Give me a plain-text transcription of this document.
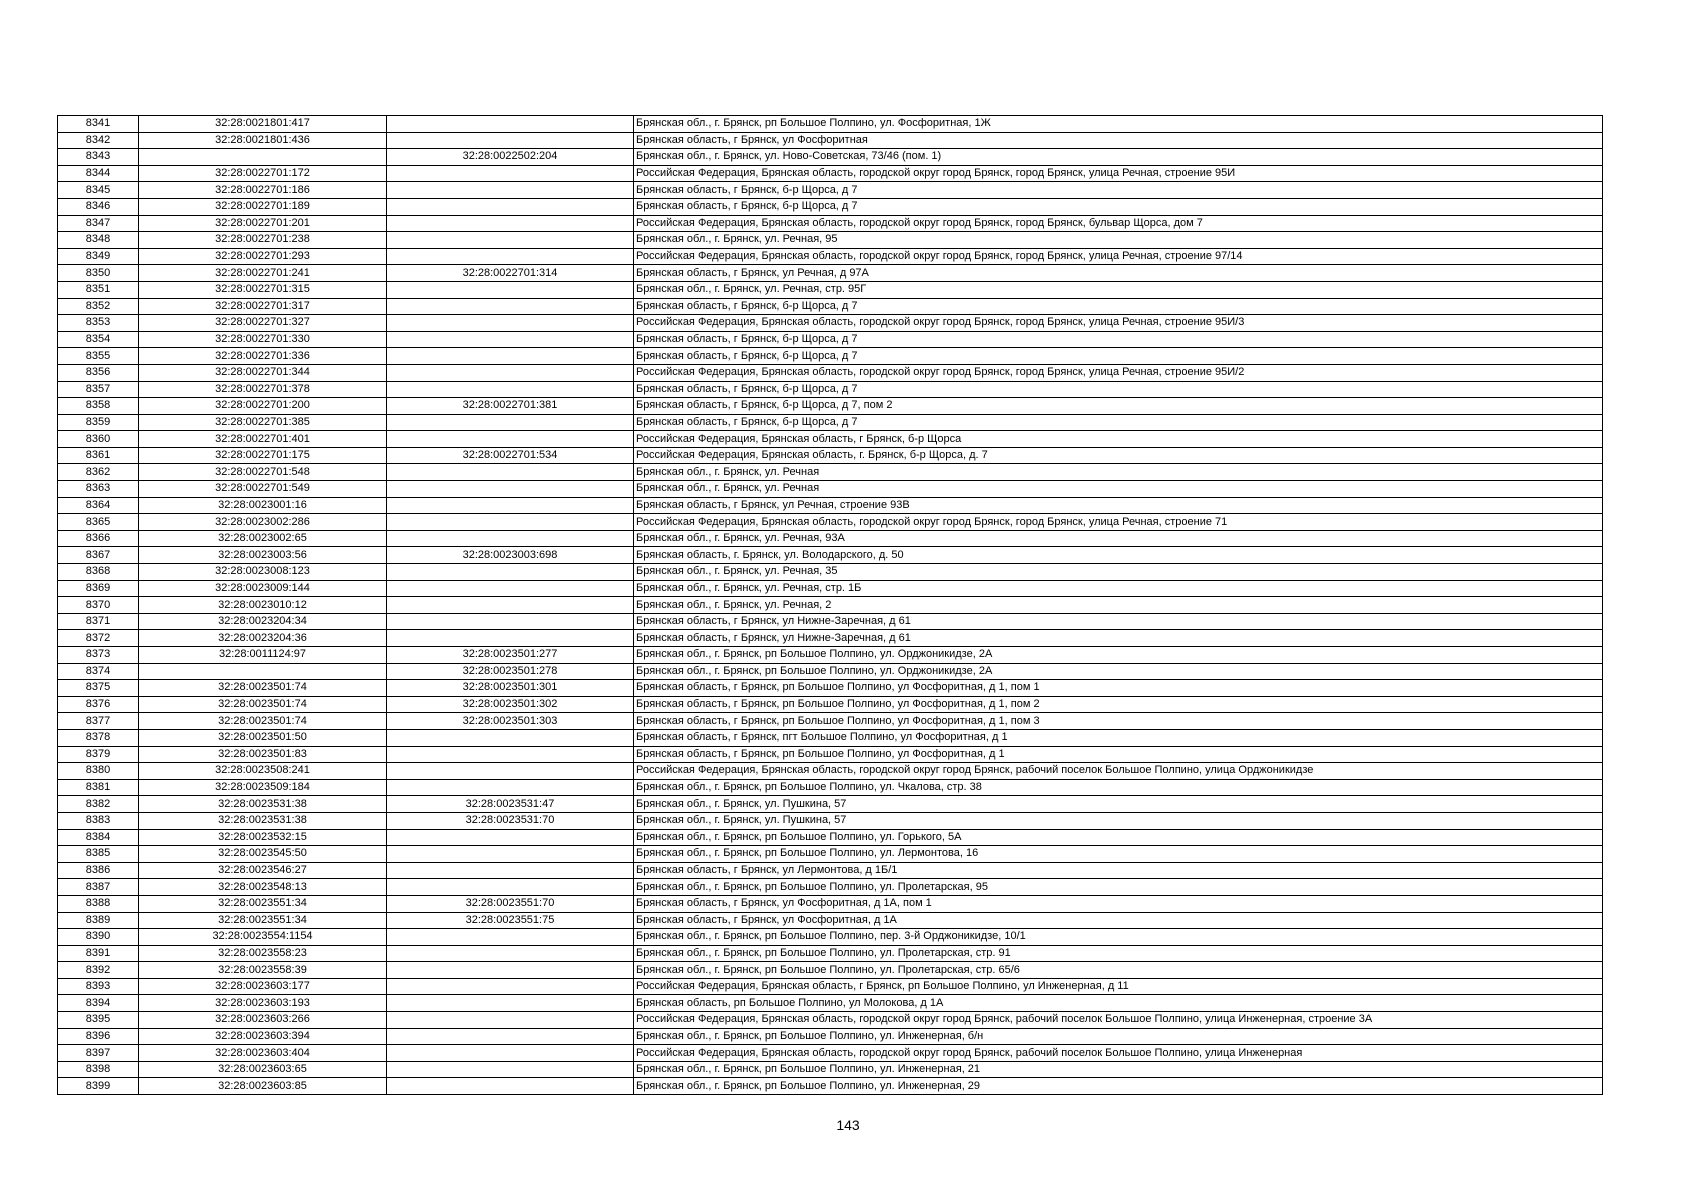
8341	32:28:0021801:417		Брянская обл., г. Брянск, рп Большое Полпино, ул. Фосфоритная, 1Ж
8342	32:28:0021801:436		Брянская область, г Брянск, ул Фосфоритная
8343		32:28:0022502:204	Брянская обл., г. Брянск, ул. Ново-Советская, 73/46 (пом. 1)
8344	32:28:0022701:172		Российская Федерация, Брянская область, городской округ город Брянск, город Брянск, улица Речная, строение 95И
8345	32:28:0022701:186		Брянская область, г Брянск, б-р Щорса, д 7
8346	32:28:0022701:189		Брянская область, г Брянск, б-р Щорса, д 7
8347	32:28:0022701:201		Российская Федерация, Брянская область, городской округ город Брянск, город Брянск, бульвар Щорса, дом 7
8348	32:28:0022701:238		Брянская обл., г. Брянск, ул. Речная, 95
8349	32:28:0022701:293		Российская Федерация, Брянская область, городской округ город Брянск, город Брянск, улица Речная, строение 97/14
8350	32:28:0022701:241	32:28:0022701:314	Брянская область, г Брянск, ул Речная, д 97А
8351	32:28:0022701:315		Брянская обл., г. Брянск, ул. Речная, стр. 95Г
8352	32:28:0022701:317		Брянская область, г Брянск, б-р Щорса, д 7
8353	32:28:0022701:327		Российская Федерация, Брянская область, городской округ город Брянск, город Брянск, улица Речная, строение 95И/3
8354	32:28:0022701:330		Брянская область, г Брянск, б-р Щорса, д 7
8355	32:28:0022701:336		Брянская область, г Брянск, б-р Щорса, д 7
8356	32:28:0022701:344		Российская Федерация, Брянская область, городской округ город Брянск, город Брянск, улица Речная, строение 95И/2
8357	32:28:0022701:378		Брянская область, г Брянск, б-р Щорса, д 7
8358	32:28:0022701:200	32:28:0022701:381	Брянская область, г Брянск, б-р Щорса, д 7, пом 2
8359	32:28:0022701:385		Брянская область, г Брянск, б-р Щорса, д 7
8360	32:28:0022701:401		Российская Федерация, Брянская область, г Брянск, б-р Щорса
8361	32:28:0022701:175	32:28:0022701:534	Российская Федерация, Брянская область, г. Брянск, б-р Щорса, д. 7
8362	32:28:0022701:548		Брянская обл., г. Брянск, ул. Речная
8363	32:28:0022701:549		Брянская обл., г. Брянск, ул. Речная
8364	32:28:0023001:16		Брянская область, г Брянск, ул Речная, строение 93В
8365	32:28:0023002:286		Российская Федерация, Брянская область, городской округ город Брянск, город Брянск, улица Речная, строение 71
8366	32:28:0023002:65		Брянская обл., г. Брянск, ул. Речная, 93А
8367	32:28:0023003:56	32:28:0023003:698	Брянская область, г. Брянск, ул. Володарского, д. 50
8368	32:28:0023008:123		Брянская обл., г. Брянск, ул. Речная, 35
8369	32:28:0023009:144		Брянская обл., г. Брянск, ул. Речная, стр. 1Б
8370	32:28:0023010:12		Брянская обл., г. Брянск, ул. Речная, 2
8371	32:28:0023204:34		Брянская область, г Брянск, ул Нижне-Заречная, д 61
8372	32:28:0023204:36		Брянская область, г Брянск, ул Нижне-Заречная, д 61
8373	32:28:0011124:97	32:28:0023501:277	Брянская обл., г. Брянск, рп Большое Полпино, ул. Орджоникидзе, 2А
8374		32:28:0023501:278	Брянская обл., г. Брянск, рп Большое Полпино, ул. Орджоникидзе, 2А
8375	32:28:0023501:74	32:28:0023501:301	Брянская область, г Брянск, рп Большое Полпино, ул Фосфоритная, д 1, пом 1
8376	32:28:0023501:74	32:28:0023501:302	Брянская область, г Брянск, рп Большое Полпино, ул Фосфоритная, д 1, пом 2
8377	32:28:0023501:74	32:28:0023501:303	Брянская область, г Брянск, рп Большое Полпино, ул Фосфоритная, д 1, пом 3
8378	32:28:0023501:50		Брянская область, г Брянск, пгт Большое Полпино, ул Фосфоритная, д 1
8379	32:28:0023501:83		Брянская область, г Брянск, рп Большое Полпино, ул Фосфоритная, д 1
8380	32:28:0023508:241		Российская Федерация, Брянская область, городской округ город Брянск, рабочий поселок Большое Полпино, улица Орджоникидзе
8381	32:28:0023509:184		Брянская обл., г. Брянск, рп Большое Полпино, ул. Чкалова, стр. 38
8382	32:28:0023531:38	32:28:0023531:47	Брянская обл., г. Брянск, ул. Пушкина, 57
8383	32:28:0023531:38	32:28:0023531:70	Брянская обл., г. Брянск, ул. Пушкина, 57
8384	32:28:0023532:15		Брянская обл., г. Брянск, рп Большое Полпино, ул. Горького, 5А
8385	32:28:0023545:50		Брянская обл., г. Брянск, рп Большое Полпино, ул. Лермонтова, 16
8386	32:28:0023546:27		Брянская область, г Брянск, ул Лермонтова, д 1Б/1
8387	32:28:0023548:13		Брянская обл., г. Брянск, рп Большое Полпино, ул. Пролетарская, 95
8388	32:28:0023551:34	32:28:0023551:70	Брянская область, г Брянск, ул Фосфоритная, д 1А, пом 1
8389	32:28:0023551:34	32:28:0023551:75	Брянская область, г Брянск, ул Фосфоритная, д 1А
8390	32:28:0023554:1154		Брянская обл., г. Брянск, рп Большое Полпино, пер. 3-й Орджоникидзе, 10/1
8391	32:28:0023558:23		Брянская обл., г. Брянск, рп Большое Полпино, ул. Пролетарская, стр. 91
8392	32:28:0023558:39		Брянская обл., г. Брянск, рп Большое Полпино, ул. Пролетарская, стр. 65/6
8393	32:28:0023603:177		Российская Федерация, Брянская область, г Брянск, рп Большое Полпино, ул Инженерная, д 11
8394	32:28:0023603:193		Брянская область, рп Большое Полпино, ул Молокова, д 1А
8395	32:28:0023603:266		Российская Федерация, Брянская область, городской округ город Брянск, рабочий поселок Большое Полпино, улица Инженерная, строение 3А
8396	32:28:0023603:394		Брянская обл., г. Брянск, рп Большое Полпино, ул. Инженерная, б/н
8397	32:28:0023603:404		Российская Федерация, Брянская область, городской округ город Брянск, рабочий поселок Большое Полпино, улица Инженерная
8398	32:28:0023603:65		Брянская обл., г. Брянск, рп Большое Полпино, ул. Инженерная, 21
8399	32:28:0023603:85		Брянская обл., г. Брянск, рп Большое Полпино, ул. Инженерная, 29
143
